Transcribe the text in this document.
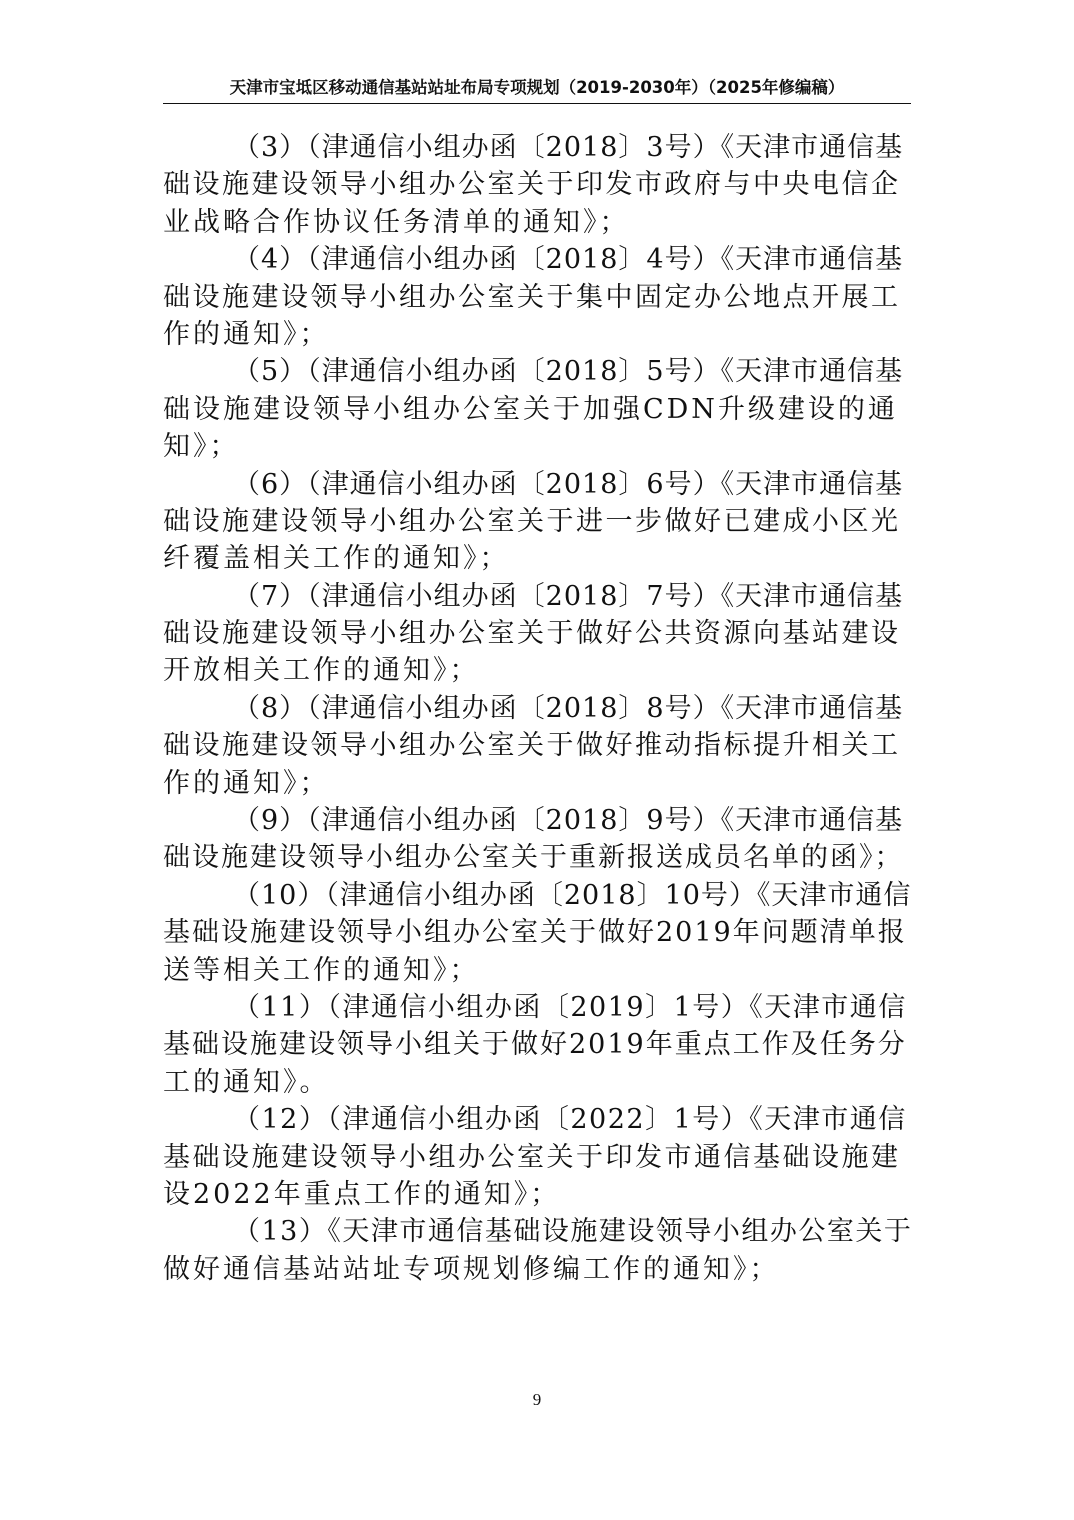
天津市宝坻区移动通信基站站址布局专项规划（2019-2030年）（2025年修编稿）

（3）（津通信小组办函〔2018〕3号）《天津市通信基
础设施建设领导小组办公室关于印发市政府与中央电信企
业战略合作协议任务清单的通知》；

（4）（津通信小组办函〔2018〕4号）《天津市通信基
础设施建设领导小组办公室关于集中固定办公地点开展工
作的通知》；

（5）（津通信小组办函〔2018〕5号）《天津市通信基
础设施建设领导小组办公室关于加强CDN升级建设的通
知》；

（6）（津通信小组办函〔2018〕6号）《天津市通信基
础设施建设领导小组办公室关于进一步做好已建成小区光
纤覆盖相关工作的通知》；

（7）（津通信小组办函〔2018〕7号）《天津市通信基
础设施建设领导小组办公室关于做好公共资源向基站建设
开放相关工作的通知》；

（8）（津通信小组办函〔2018〕8号）《天津市通信基
础设施建设领导小组办公室关于做好推动指标提升相关工
作的通知》；

（9）（津通信小组办函〔2018〕9号）《天津市通信基
础设施建设领导小组办公室关于重新报送成员名单的函》；

（10）（津通信小组办函〔2018〕10号）《天津市通信
基础设施建设领导小组办公室关于做好2019年问题清单报
送等相关工作的通知》；

（11）（津通信小组办函〔2019〕1号）《天津市通信
基础设施建设领导小组关于做好2019年重点工作及任务分
工的通知》。

（12）（津通信小组办函〔2022〕1号）《天津市通信
基础设施建设领导小组办公室关于印发市通信基础设施建
设2022年重点工作的通知》；

（13）《天津市通信基础设施建设领导小组办公室关于
做好通信基站站址专项规划修编工作的通知》；

9
